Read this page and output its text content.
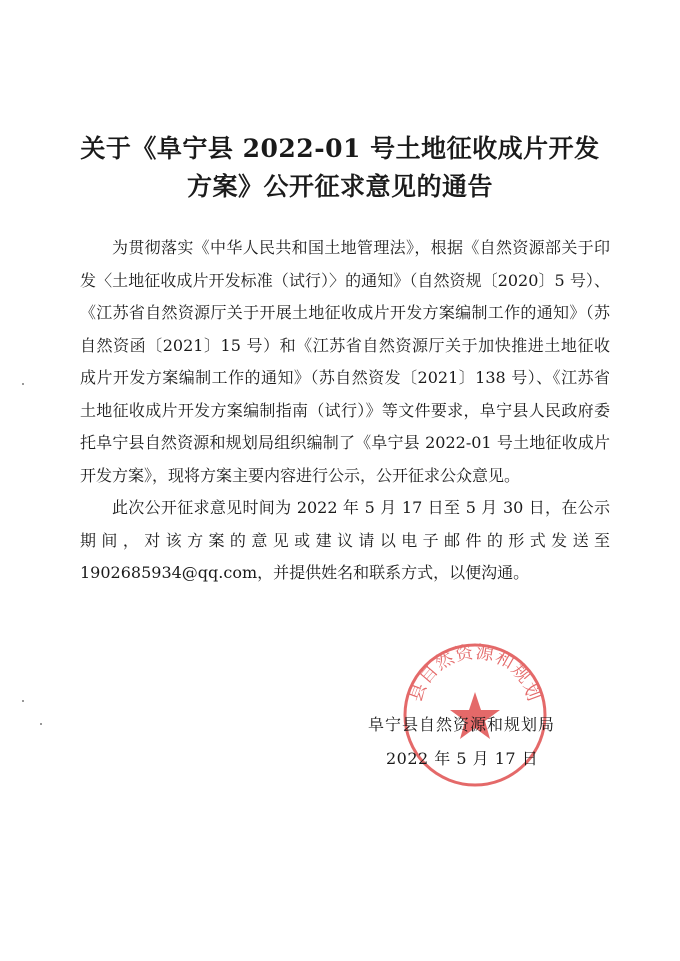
关于《阜宁县 2022-01 号土地征收成片开发
方案》公开征求意见的通告

为贯彻落实《中华人民共和国土地管理法》，根据《自然资源部关于印发〈土地征收成片开发标准（试行）〉的通知》（自然资规〔2020〕5 号）、《江苏省自然资源厅关于开展土地征收成片开发方案编制工作的通知》（苏自然资函〔2021〕15 号）和《江苏省自然资源厅关于加快推进土地征收成片开发方案编制工作的通知》（苏自然资发〔2021〕138 号）、《江苏省土地征收成片开发方案编制指南（试行）》等文件要求，阜宁县人民政府委托阜宁县自然资源和规划局组织编制了《阜宁县 2022-01 号土地征收成片开发方案》，现将方案主要内容进行公示，公开征求公众意见。

此次公开征求意见时间为 2022 年 5 月 17 日至 5 月 30 日，在公示期间，对该方案的意见或建议请以电子邮件的形式发送至 1902685934@qq.com，并提供姓名和联系方式，以便沟通。

县自然资源和规划
阜宁县自然资源和规划局
2022 年 5 月 17 日
